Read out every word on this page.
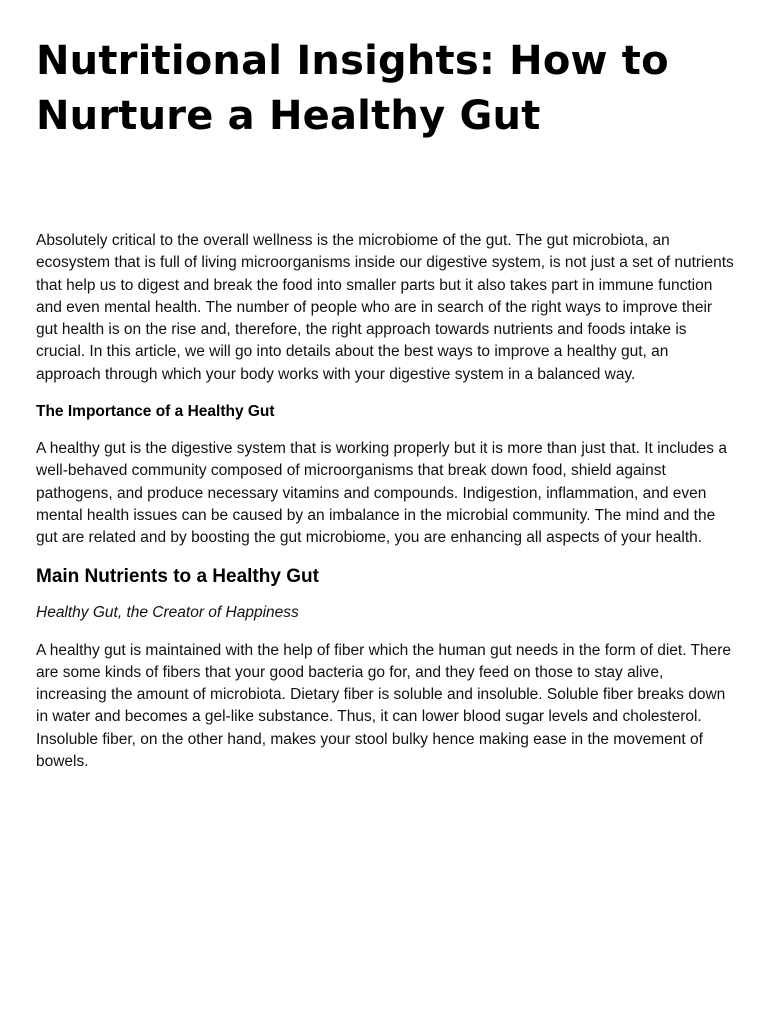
Nutritional Insights: How to Nurture a Healthy Gut

Absolutely critical to the overall wellness is the microbiome of the gut. The gut microbiota, an ecosystem that is full of living microorganisms inside our digestive system, is not just a set of nutrients that help us to digest and break the food into smaller parts but it also takes part in immune function and even mental health. The number of people who are in search of the right ways to improve their gut health is on the rise and, therefore, the right approach towards nutrients and foods intake is crucial. In this article, we will go into details about the best ways to improve a healthy gut, an approach through which your body works with your digestive system in a balanced way.

The Importance of a Healthy Gut

A healthy gut is the digestive system that is working properly but it is more than just that. It includes a well-behaved community composed of microorganisms that break down food, shield against pathogens, and produce necessary vitamins and compounds. Indigestion, inflammation, and even mental health issues can be caused by an imbalance in the microbial community. The mind and the gut are related and by boosting the gut microbiome, you are enhancing all aspects of your health.

Main Nutrients to a Healthy Gut

Healthy Gut, the Creator of Happiness

A healthy gut is maintained with the help of fiber which the human gut needs in the form of diet. There are some kinds of fibers that your good bacteria go for, and they feed on those to stay alive, increasing the amount of microbiota. Dietary fiber is soluble and insoluble. Soluble fiber breaks down in water and becomes a gel-like substance. Thus, it can lower blood sugar levels and cholesterol. Insoluble fiber, on the other hand, makes your stool bulky hence making ease in the movement of bowels.
